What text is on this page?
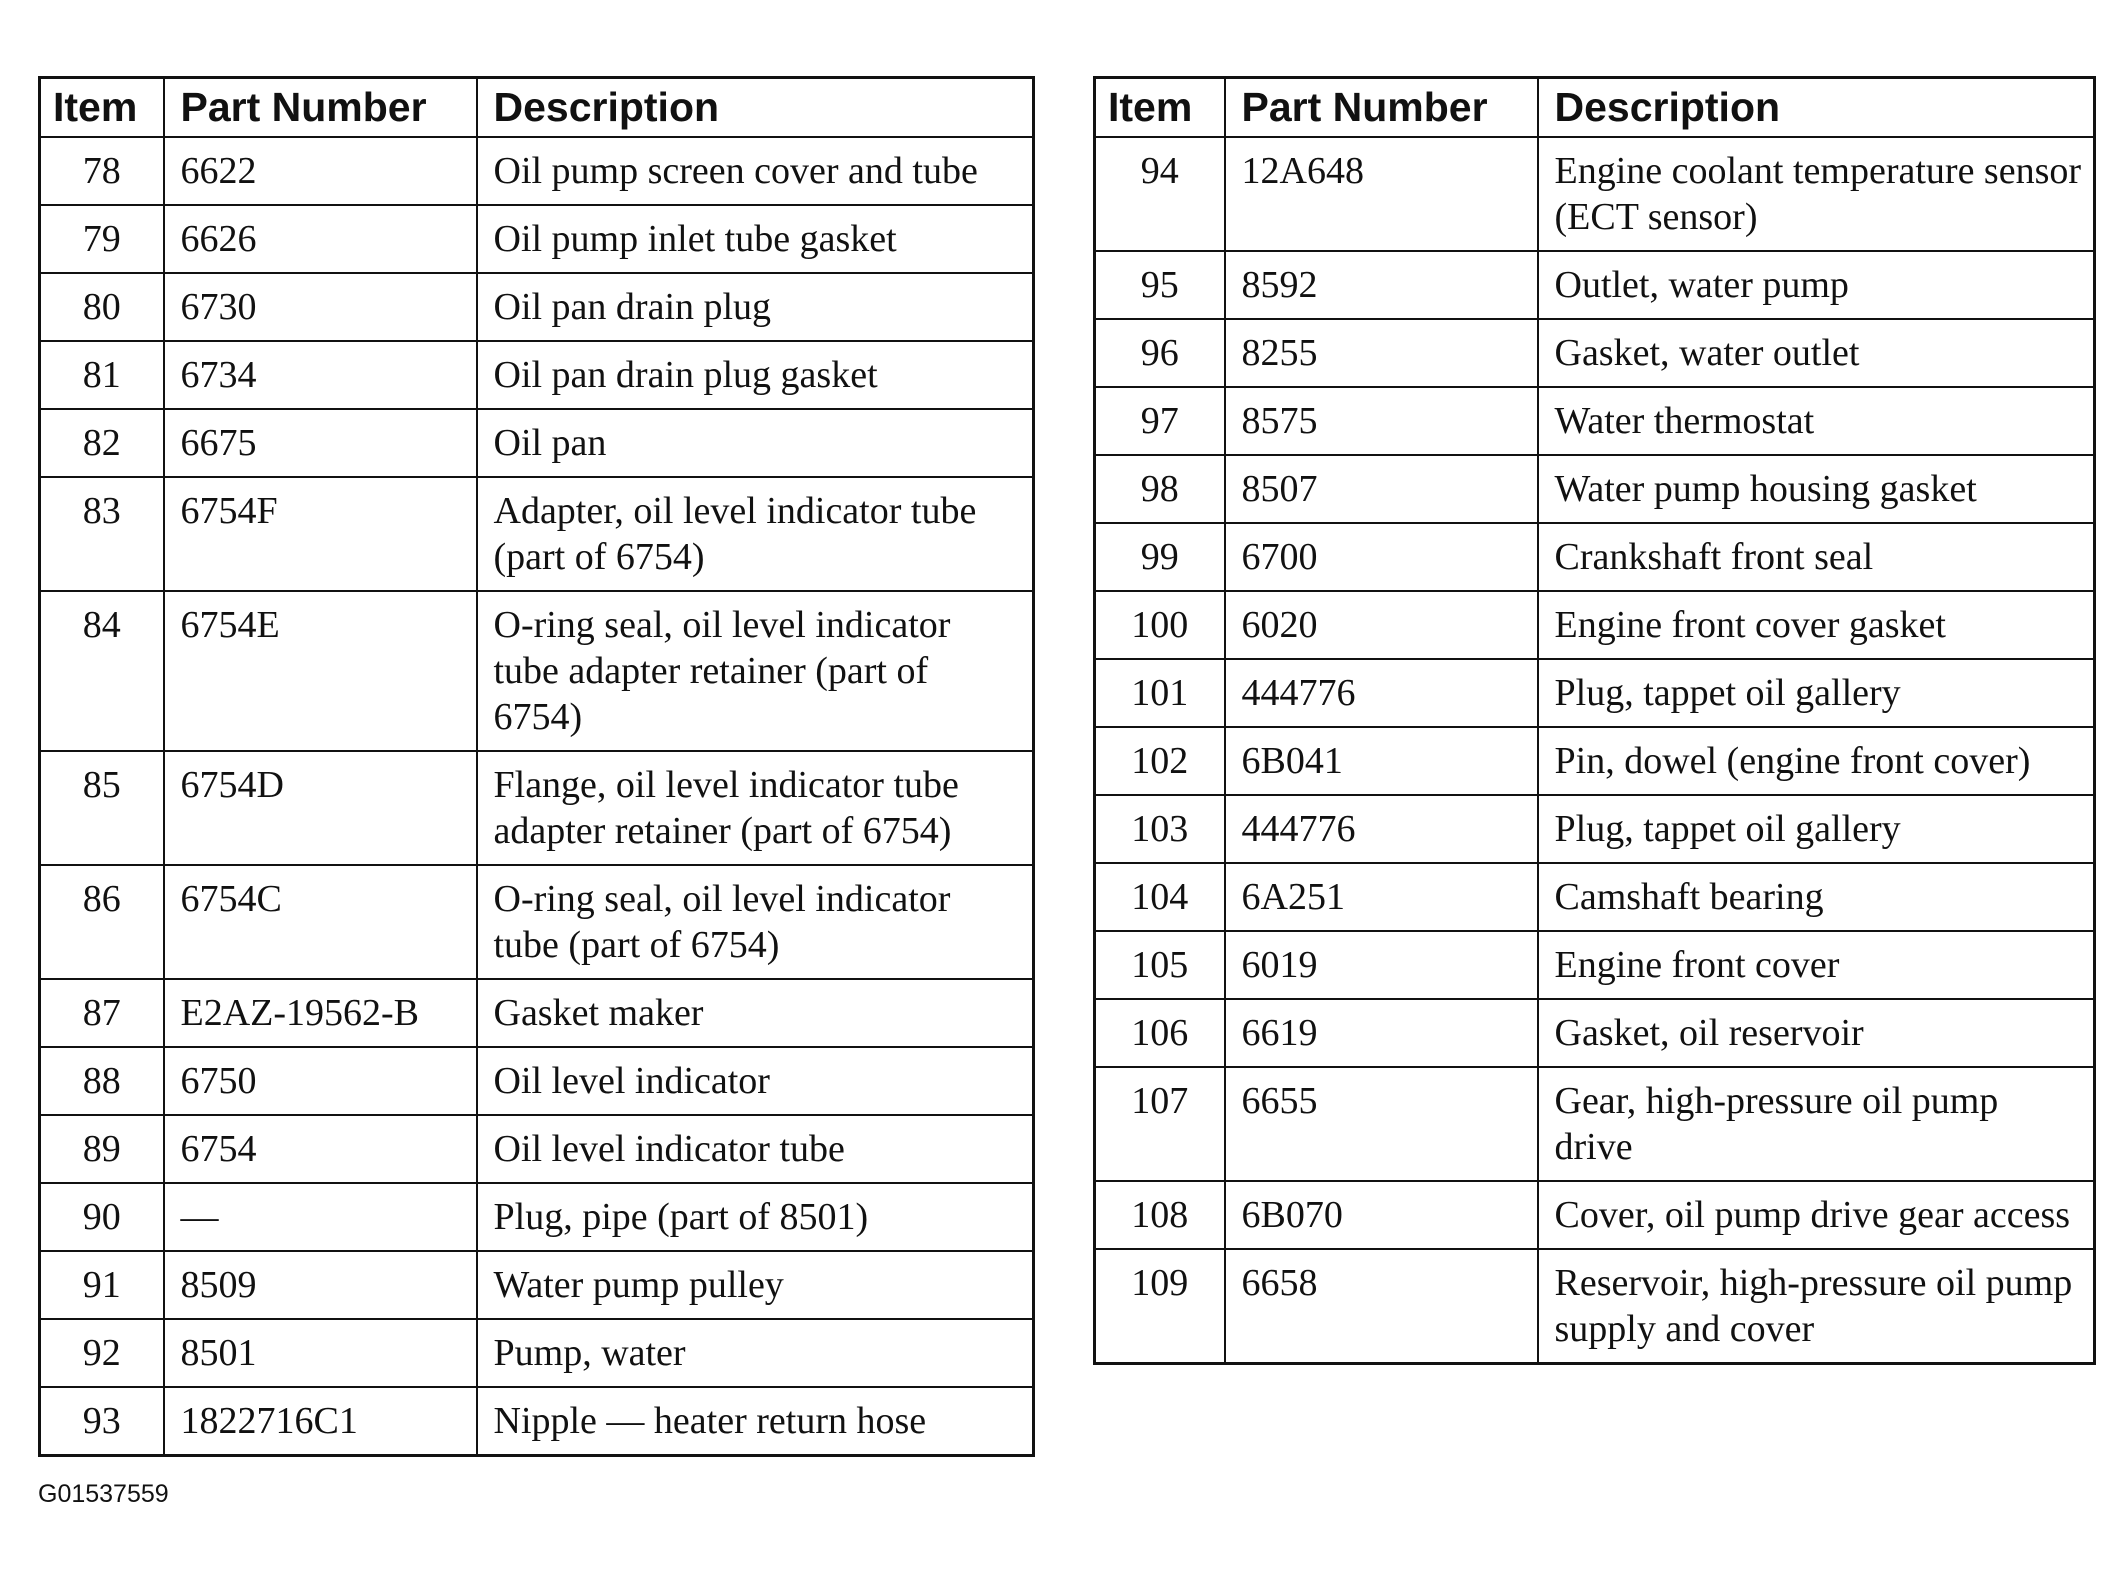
Item	Part Number	Description
78	6622	Oil pump screen cover and tube
79	6626	Oil pump inlet tube gasket
80	6730	Oil pan drain plug
81	6734	Oil pan drain plug gasket
82	6675	Oil pan
83	6754F	Adapter, oil level indicator tube (part of 6754)
84	6754E	O-ring seal, oil level indicator tube adapter retainer (part of 6754)
85	6754D	Flange, oil level indicator tube adapter retainer (part of 6754)
86	6754C	O-ring seal, oil level indicator tube (part of 6754)
87	E2AZ-19562-B	Gasket maker
88	6750	Oil level indicator
89	6754	Oil level indicator tube
90	—	Plug, pipe (part of 8501)
91	8509	Water pump pulley
92	8501	Pump, water
93	1822716C1	Nipple — heater return hose
Item	Part Number	Description
94	12A648	Engine coolant temperature sensor (ECT sensor)
95	8592	Outlet, water pump
96	8255	Gasket, water outlet
97	8575	Water thermostat
98	8507	Water pump housing gasket
99	6700	Crankshaft front seal
100	6020	Engine front cover gasket
101	444776	Plug, tappet oil gallery
102	6B041	Pin, dowel (engine front cover)
103	444776	Plug, tappet oil gallery
104	6A251	Camshaft bearing
105	6019	Engine front cover
106	6619	Gasket, oil reservoir
107	6655	Gear, high-pressure oil pump drive
108	6B070	Cover, oil pump drive gear access
109	6658	Reservoir, high-pressure oil pump supply and cover
G01537559
